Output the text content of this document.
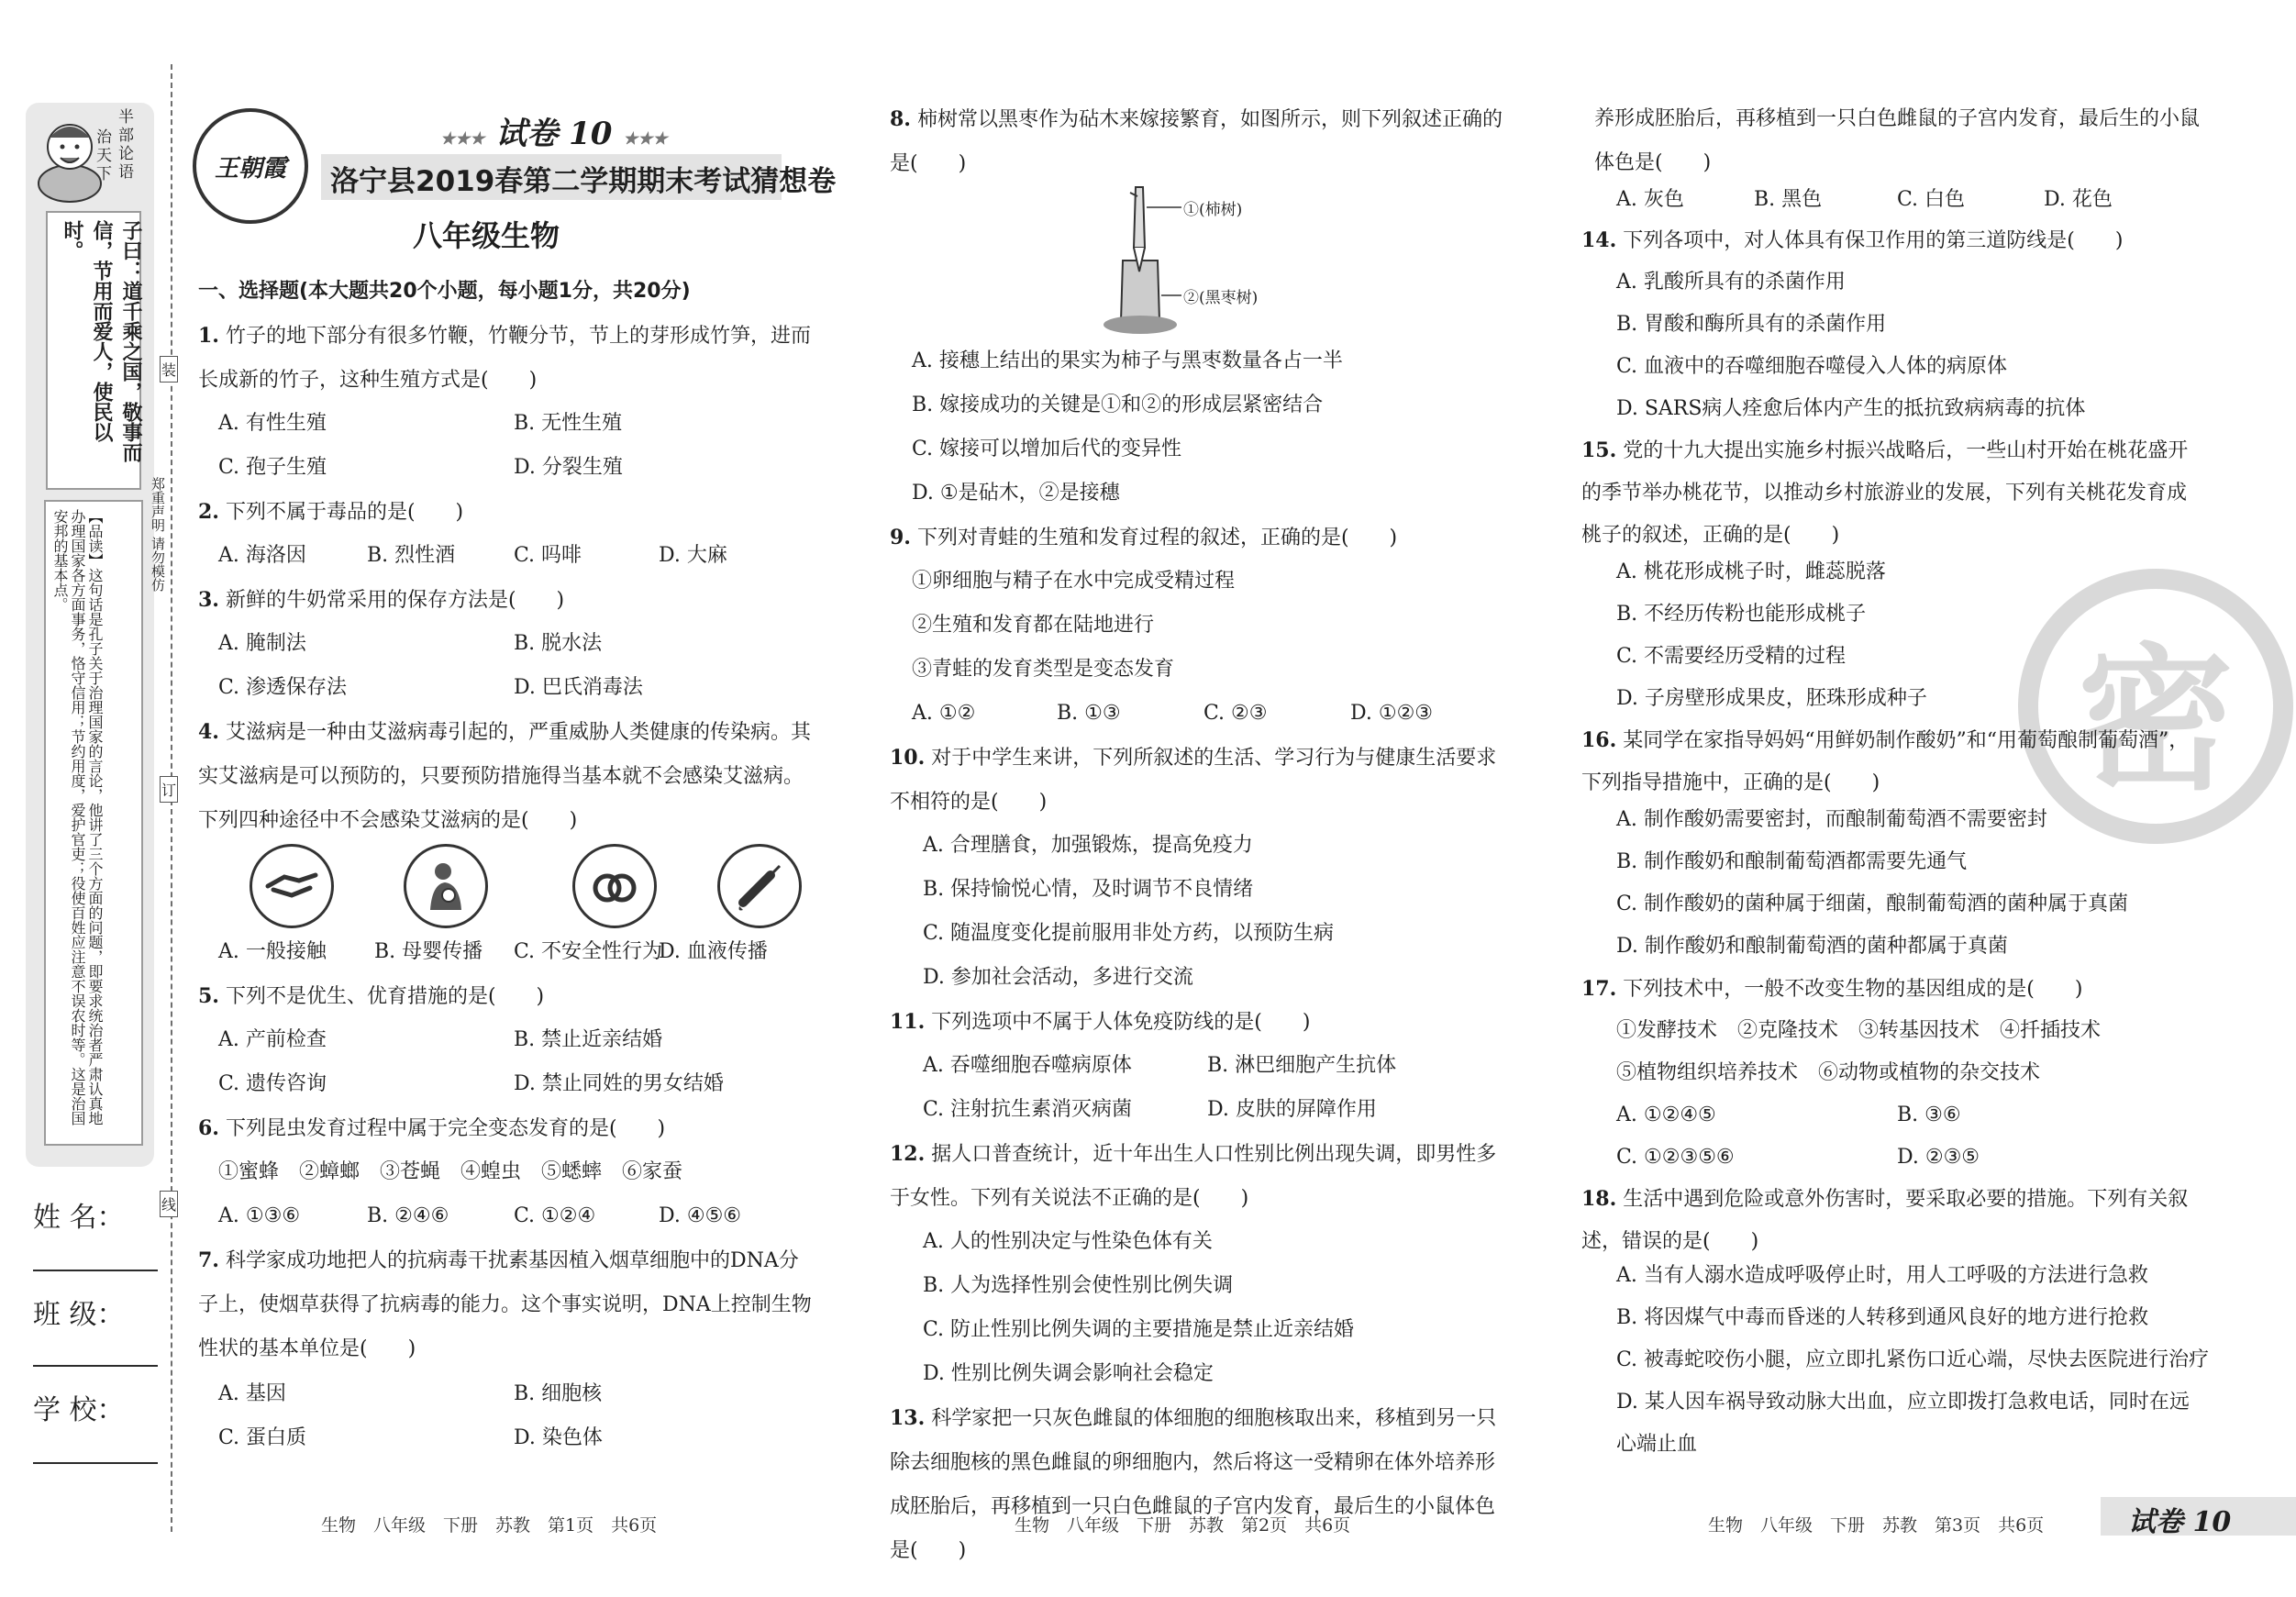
半部论语
治天下
子曰：道千乘之国，敬事而信，节用而爱人，使民以时。
【品读】这句话是孔子关于治理国家的言论，他讲了三个方面的问题，即要求统治者严肃认真地办理国家各方面事务，恪守信用；节约用度，爱护官吏；役使百姓应注意不误农时等。这是治国安邦的基本点。
姓 名：
班 级：
学 校：
装
订
线
郑重声明 请勿模仿
王朝霞
★★★ 试卷 10 ★★★
洛宁县2019春第二学期期末考试猜想卷
八年级生物
一、选择题(本大题共20个小题，每小题1分，共20分)
1. 竹子的地下部分有很多竹鞭，竹鞭分节，节上的芽形成竹笋，进而长成新的竹子，这种生殖方式是(　　)
A. 有性生殖	B. 无性生殖
C. 孢子生殖	D. 分裂生殖
2. 下列不属于毒品的是(　　)
A. 海洛因	B. 烈性酒	C. 吗啡	D. 大麻
3. 新鲜的牛奶常采用的保存方法是(　　)
A. 腌制法	B. 脱水法
C. 渗透保存法	D. 巴氏消毒法
4. 艾滋病是一种由艾滋病毒引起的，严重威胁人类健康的传染病。其实艾滋病是可以预防的，只要预防措施得当基本就不会感染艾滋病。下列四种途径中不会感染艾滋病的是(　　)
A. 一般接触 B. 母婴传播 C. 不安全性行为
D. 血液传播
5. 下列不是优生、优育措施的是(　　)
A. 产前检查	B. 禁止近亲结婚
C. 遗传咨询	D. 禁止同姓的男女结婚
6. 下列昆虫发育过程中属于完全变态发育的是(　　)
①蜜蜂　②蟑螂　③苍蝇　④蝗虫　⑤蟋蟀　⑥家蚕
A. ①③⑥	B. ②④⑥	C. ①②④	D. ④⑤⑥
7. 科学家成功地把人的抗病毒干扰素基因植入烟草细胞中的DNA分子上，使烟草获得了抗病毒的能力。这个事实说明，DNA上控制生物性状的基本单位是(　　)
A. 基因	B. 细胞核
C. 蛋白质	D. 染色体
生物　八年级　下册　苏教　第1页　共6页
8. 柿树常以黑枣作为砧木来嫁接繁育，如图所示，则下列叙述正确的是(　　)
①(柿树)
②(黑枣树)
A. 接穗上结出的果实为柿子与黑枣数量各占一半
B. 嫁接成功的关键是①和②的形成层紧密结合
C. 嫁接可以增加后代的变异性
D. ①是砧木，②是接穗
9. 下列对青蛙的生殖和发育过程的叙述，正确的是(　　)
①卵细胞与精子在水中完成受精过程
②生殖和发育都在陆地进行
③青蛙的发育类型是变态发育
A. ①②	B. ①③	C. ②③	D. ①②③
10. 对于中学生来讲，下列所叙述的生活、学习行为与健康生活要求不相符的是(　　)
A. 合理膳食，加强锻炼，提高免疫力
B. 保持愉悦心情，及时调节不良情绪
C. 随温度变化提前服用非处方药，以预防生病
D. 参加社会活动，多进行交流
11. 下列选项中不属于人体免疫防线的是(　　)
A. 吞噬细胞吞噬病原体	B. 淋巴细胞产生抗体
C. 注射抗生素消灭病菌	D. 皮肤的屏障作用
12. 据人口普查统计，近十年出生人口性别比例出现失调，即男性多于女性。下列有关说法不正确的是(　　)
A. 人的性别决定与性染色体有关
B. 人为选择性别会使性别比例失调
C. 防止性别比例失调的主要措施是禁止近亲结婚
D. 性别比例失调会影响社会稳定
13. 科学家把一只灰色雌鼠的体细胞的细胞核取出来，移植到另一只除去细胞核的黑色雌鼠的卵细胞内，然后将这一受精卵在体外培养形成胚胎后，再移植到一只白色雌鼠的子宫内发育，最后生的小鼠体色是(　　)
生物　八年级　下册　苏教　第2页　共6页
密
养形成胚胎后，再移植到一只白色雌鼠的子宫内发育，最后生的小鼠体色是(　　)
A. 灰色	B. 黑色	C. 白色	D. 花色
14. 下列各项中，对人体具有保卫作用的第三道防线是(　　)
A. 乳酸所具有的杀菌作用
B. 胃酸和酶所具有的杀菌作用
C. 血液中的吞噬细胞吞噬侵入人体的病原体
D. SARS病人痊愈后体内产生的抵抗致病病毒的抗体
15. 党的十九大提出实施乡村振兴战略后，一些山村开始在桃花盛开的季节举办桃花节，以推动乡村旅游业的发展，下列有关桃花发育成桃子的叙述，正确的是(　　)
A. 桃花形成桃子时，雌蕊脱落
B. 不经历传粉也能形成桃子
C. 不需要经历受精的过程
D. 子房壁形成果皮，胚珠形成种子
16. 某同学在家指导妈妈“用鲜奶制作酸奶”和“用葡萄酿制葡萄酒”，下列指导措施中，正确的是(　　)
A. 制作酸奶需要密封，而酿制葡萄酒不需要密封
B. 制作酸奶和酿制葡萄酒都需要先通气
C. 制作酸奶的菌种属于细菌，酿制葡萄酒的菌种属于真菌
D. 制作酸奶和酿制葡萄酒的菌种都属于真菌
17. 下列技术中，一般不改变生物的基因组成的是(　　)
①发酵技术　②克隆技术　③转基因技术　④扦插技术
⑤植物组织培养技术　⑥动物或植物的杂交技术
A. ①②④⑤	B. ③⑥
C. ①②③⑤⑥	D. ②③⑤
18. 生活中遇到危险或意外伤害时，要采取必要的措施。下列有关叙述，错误的是(　　)
A. 当有人溺水造成呼吸停止时，用人工呼吸的方法进行急救
B. 将因煤气中毒而昏迷的人转移到通风良好的地方进行抢救
C. 被毒蛇咬伤小腿，应立即扎紧伤口近心端，尽快去医院进行治疗
D. 某人因车祸导致动脉大出血，应立即拨打急救电话，同时在远心端止血
生物　八年级　下册　苏教　第3页　共6页	试卷 10
